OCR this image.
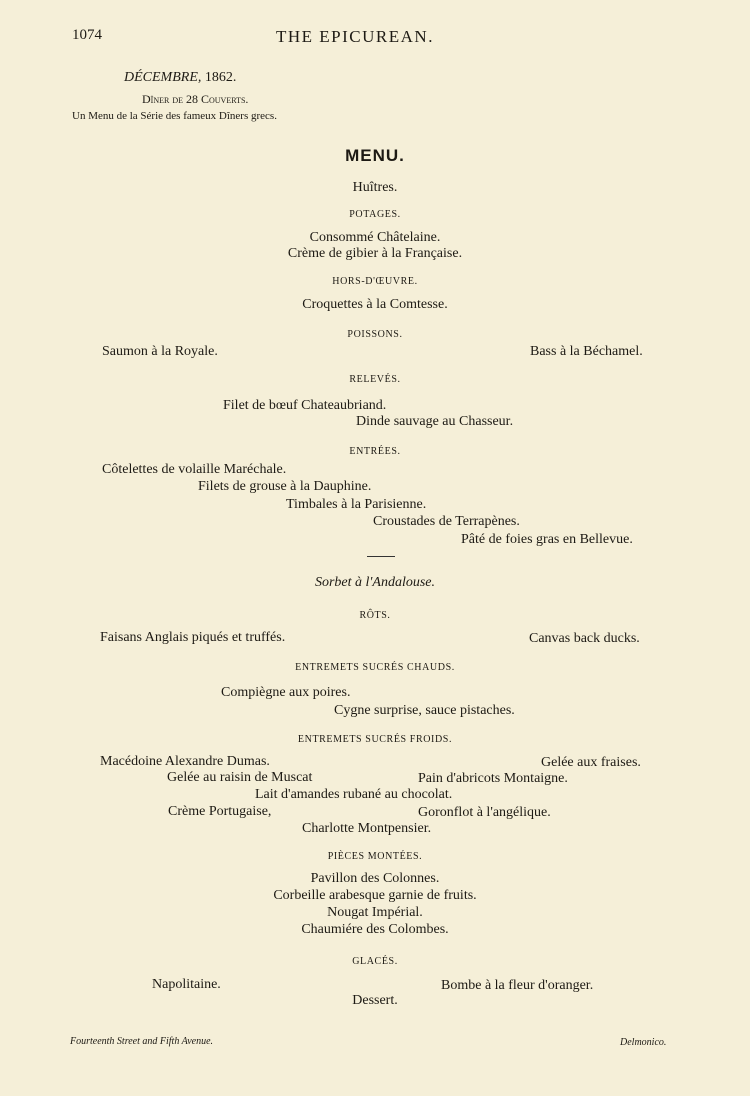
1074	THE EPICUREAN.
DÉCEMBRE, 1862.
Dîner de 28 Couverts.
Un Menu de la Série des fameux Dîners grecs.
MENU.
Huîtres.
POTAGES.
Consommé Châtelaine.
Crème de gibier à la Française.
HORS-D'ŒUVRE.
Croquettes à la Comtesse.
POISSONS.
Saumon à la Royale.	Bass à la Béchamel.
RELEVÉS.
Filet de bœuf Chateaubriand.
Dinde sauvage au Chasseur.
ENTRÉES.
Côtelettes de volaille Maréchale.
Filets de grouse à la Dauphine.
Timbales à la Parisienne.
Croustades de Terrapènes.
Pâté de foies gras en Bellevue.
Sorbet à l'Andalouse.
RÔTS.
Faisans Anglais piqués et truffés.	Canvas back ducks.
ENTREMETS SUCRÉS CHAUDS.
Compiègne aux poires.
Cygne surprise, sauce pistaches.
ENTREMETS SUCRÉS FROIDS.
Macédoine Alexandre Dumas.	Gelée aux fraises.
Gelée au raisin de Muscat	Pain d'abricots Montaigne.
Lait d'amandes rubané au chocolat.
Crème Portugaise,	Goronflot à l'angélique.
Charlotte Montpensier.
PIÈCES MONTÉES.
Pavillon des Colonnes.
Corbeille arabesque garnie de fruits.
Nougat Impérial.
Chaumiére des Colombes.
GLACÉS.
Napolitaine.	Bombe à la fleur d'oranger.
Dessert.
Fourteenth Street and Fifth Avenue.	Delmonico.
